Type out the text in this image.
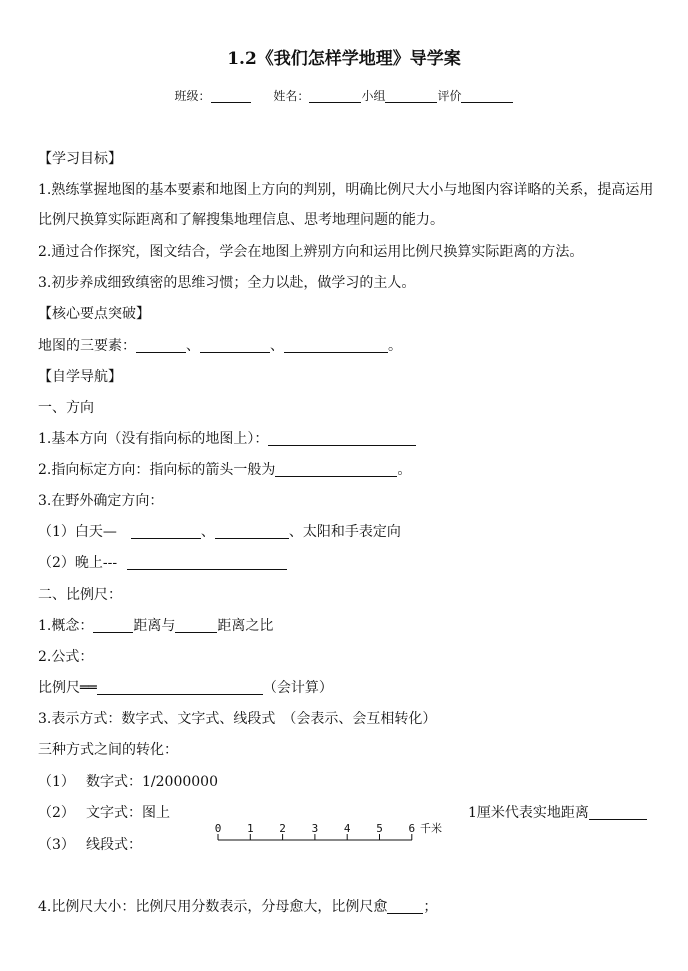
1.2《我们怎样学地理》导学案
班级：	姓名：	小组	评价
【学习目标】
1.熟练掌握地图的基本要素和地图上方向的判别，明确比例尺大小与地图内容详略的关系，提高运用
比例尺换算实际距离和了解搜集地理信息、思考地理问题的能力。
2.通过合作探究，图文结合，学会在地图上辨别方向和运用比例尺换算实际距离的方法。
3.初步养成细致缜密的思维习惯；全力以赴，做学习的主人。
【核心要点突破】
地图的三要素：	、	、	。
【自学导航】
一、方向
1.基本方向（没有指向标的地图上）：
2.指向标定方向：指向标的箭头一般为	。
3.在野外确定方向：
（1）白天—	、	、太阳和手表定向
（2）晚上---
二、比例尺：
1.概念：	距离与	距离之比
2.公式：
比例尺══	（会计算）
3.表示方式：数字式、文字式、线段式　（会表示、会互相转化）
三种方式之间的转化：
（1） 数字式：1/2000000
（2） 文字式：图上	1厘米代表实地距离
（3） 线段式：
0 1 2 3 4 5 6 千米
4.比例尺大小：比例尺用分数表示，分母愈大，比例尺愈	；
